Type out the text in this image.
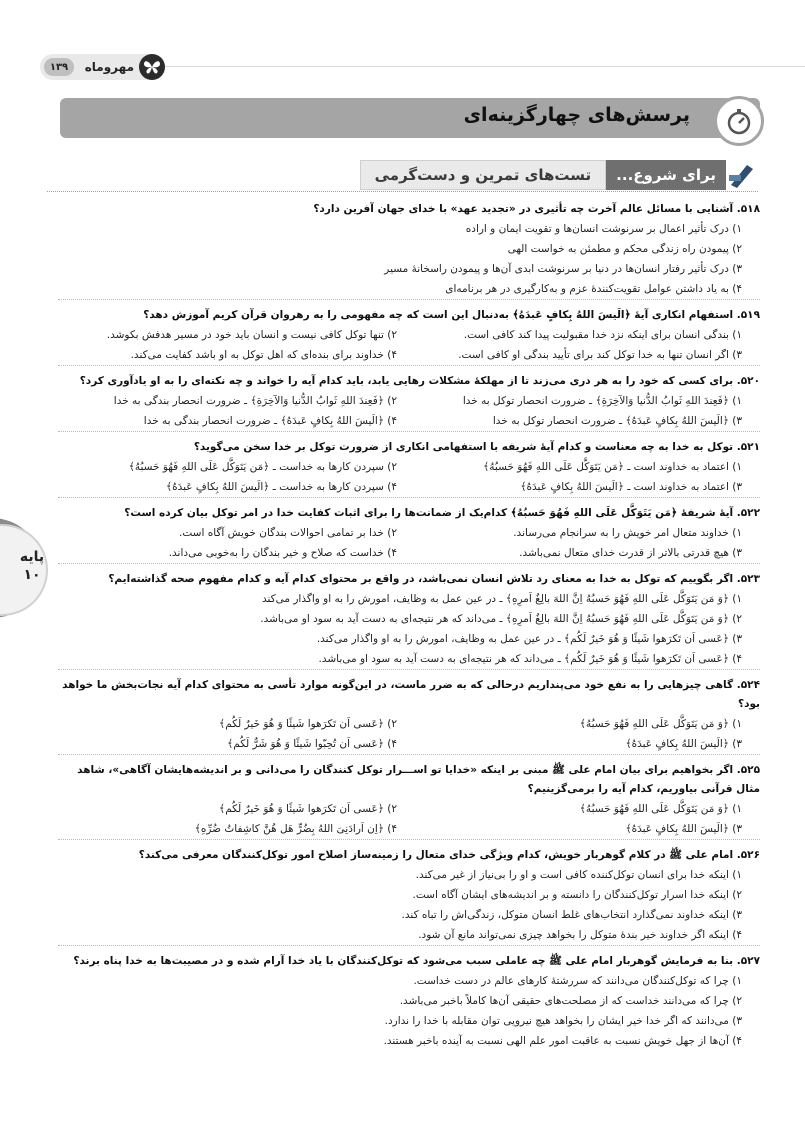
مهروماه
۱۳۹
پرسش‌های چهارگزینه‌ای
برای شروع...
تست‌های تمرین و دست‌گرمی
پایه
۱۰
۵۱۸. آشنایی با مسائل عالم آخرت چه تأثیری در «تجدید عهد» با خدای جهان آفرین دارد؟
۱) درک تأثیر اعمال بر سرنوشت انسان‌ها و تقویت ایمان و اراده
۲) پیمودن راه زندگی محکم و مطمئن به خواست الهی
۳) درک تأثیر رفتار انسان‌ها در دنیا بر سرنوشت ابدی آن‌ها و پیمودن راسخانهٔ مسیر
۴) به یاد داشتن عوامل تقویت‌کنندهٔ عزم و به‌کارگیری در هر برنامه‌ای
۵۱۹. استفهام انکاری آیهٔ ﴿الَیسَ اللهُ بِکافٍ عَبدَهُ﴾ به‌دنبال این است که چه مفهومی را به رهروان قرآن کریم آموزش دهد؟
۱) بندگی انسان برای اینکه نزد خدا مقبولیت پیدا کند کافی است.
۲) تنها توکل کافی نیست و انسان باید خود در مسیر هدفش بکوشد.
۳) اگر انسان تنها به خدا توکل کند برای تأیید بندگی او کافی است.
۴) خداوند برای بنده‌ای که اهل توکل به او باشد کفایت می‌کند.
۵۲۰. برای کسی که خود را به هر دری می‌زند تا از مهلکهٔ مشکلات رهایی یابد، باید کدام آیه را خواند و چه نکته‌ای را به او یادآوری کرد؟
۱) ﴿فَعِندَ اللهِ ثَوابُ الدُّنیا وَالآخِرَةِ﴾ ـ ضرورت انحصار توکل به خدا
۲) ﴿فَعِندَ اللهِ ثَوابُ الدُّنیا وَالآخِرَةِ﴾ ـ ضرورت انحصار بندگی به خدا
۳) ﴿الَیسَ اللهُ بِکافٍ عَبدَهُ﴾ ـ ضرورت انحصار توکل به خدا
۴) ﴿الَیسَ اللهُ بِکافٍ عَبدَهُ﴾ ـ ضرورت انحصار بندگی به خدا
۵۲۱. توکل به خدا به چه معناست و کدام آیهٔ شریفه با استفهامی انکاری از ضرورت توکل بر خدا سخن می‌گوید؟
۱) اعتماد به خداوند است ـ ﴿مَن یَتَوَکَّل عَلَی اللهِ فَهُوَ حَسبُهُ﴾
۲) سپردن کارها به خداست ـ ﴿مَن یَتَوَکَّل عَلَی اللهِ فَهُوَ حَسبُهُ﴾
۳) اعتماد به خداوند است ـ ﴿الَیسَ اللهُ بِکافٍ عَبدَهُ﴾
۴) سپردن کارها به خداست ـ ﴿الَیسَ اللهُ بِکافٍ عَبدَهُ﴾
۵۲۲. آیهٔ شریفهٔ ﴿مَن یَتَوَکَّل عَلَی اللهِ فَهُوَ حَسبُهُ﴾ کدام‌یک از ضمانت‌ها را برای اثبات کفایت خدا در امر توکل بیان کرده است؟
۱) خداوند متعال امر خویش را به سرانجام می‌رساند.
۲) خدا بر تمامی احوالات بندگان خویش آگاه است.
۳) هیچ قدرتی بالاتر از قدرت خدای متعال نمی‌باشد.
۴) خداست که صلاح و خیر بندگان را به‌خوبی می‌داند.
۵۲۳. اگر بگوییم که توکل به خدا به معنای رد تلاش انسان نمی‌باشد، در واقع بر محتوای کدام آیه و کدام مفهوم صحه گذاشته‌ایم؟
۱) ﴿وَ مَن یَتَوَکَّل عَلَی اللهِ فَهُوَ حَسبُهُ اِنَّ اللهَ بالِغُ اَمرِهِ﴾ ـ در عین عمل به وظایف، امورش را به او واگذار می‌کند
۲) ﴿وَ مَن یَتَوَکَّل عَلَی اللهِ فَهُوَ حَسبُهُ اِنَّ اللهَ بالِغُ اَمرِهِ﴾ ـ می‌داند که هر نتیجه‌ای به دست آید به سود او می‌باشد.
۳) ﴿عَسی اَن تَکرَهوا شَیئًا وَ هُوَ خَیرٌ لَکُم﴾ ـ در عین عمل به وظایف، امورش را به او واگذار می‌کند.
۴) ﴿عَسی اَن تَکرَهوا شَیئًا وَ هُوَ خَیرٌ لَکُم﴾ ـ می‌داند که هر نتیجه‌ای به دست آید به سود او می‌باشد.
۵۲۴. گاهی چیزهایی را به نفع خود می‌پنداریم درحالی که به ضرر ماست، در این‌گونه موارد تأسی به محتوای کدام آیه نجات‌بخش ما خواهد بود؟
۱) ﴿وَ مَن یَتَوَکَّل عَلَی اللهِ فَهُوَ حَسبُهُ﴾
۲) ﴿عَسی اَن تَکرَهوا شَیئًا وَ هُوَ خَیرٌ لَکُم﴾
۳) ﴿الَیسَ اللهُ بِکافٍ عَبدَهُ﴾
۴) ﴿عَسی اَن تُحِبّوا شَیئًا وَ هُوَ شَرٌّ لَکُم﴾
۵۲۵. اگر بخواهیم برای بیان امام علی ﷺ مبنی بر اینکه «خدایا تو اســـرار توکل کنندگان را می‌دانی و بر اندیشه‌هایشان آگاهی»، شاهد مثال قرآنی بیاوریم، کدام آیه را برمی‌گزینیم؟
۱) ﴿وَ مَن یَتَوَکَّل عَلَی اللهِ فَهُوَ حَسبُهُ﴾
۲) ﴿عَسی اَن تَکرَهوا شَیئًا وَ هُوَ خَیرٌ لَکُم﴾
۳) ﴿الَیسَ اللهُ بِکافٍ عَبدَهُ﴾
۴) ﴿اِن اَرادَنِیَ اللهُ بِضُرٍّ هَل هُنَّ کاشِفاتُ ضُرِّهِ﴾
۵۲۶. امام علی ﷺ در کلام گوهربار خویش، کدام ویژگی خدای متعال را زمینه‌ساز اصلاح امور توکل‌کنندگان معرفی می‌کند؟
۱) اینکه خدا برای انسان توکل‌کننده کافی است و او را بی‌نیاز از غیر می‌کند.
۲) اینکه خدا اسرار توکل‌کنندگان را دانسته و بر اندیشه‌های ایشان آگاه است.
۳) اینکه خداوند نمی‌گذارد انتخاب‌های غلط انسان متوکل، زندگی‌اش را تباه کند.
۴) اینکه اگر خداوند خیر بندهٔ متوکل را بخواهد چیزی نمی‌تواند مانع آن شود.
۵۲۷. بنا به فرمایش گوهربار امام علی ﷺ چه عاملی سبب می‌شود که توکل‌کنندگان با یاد خدا آرام شده و در مصیبت‌ها به خدا پناه برند؟
۱) چرا که توکل‌کنندگان می‌دانند که سررشتهٔ کارهای عالم در دست خداست.
۲) چرا که می‌دانند خداست که از مصلحت‌های حقیقی آن‌ها کاملاً باخبر می‌باشد.
۳) می‌دانند که اگر خدا خیر ایشان را بخواهد هیچ نیرویی توان مقابله با خدا را ندارد.
۴) آن‌ها از جهل خویش نسبت به عاقبت امور علم الهی نسبت به آینده باخبر هستند.
